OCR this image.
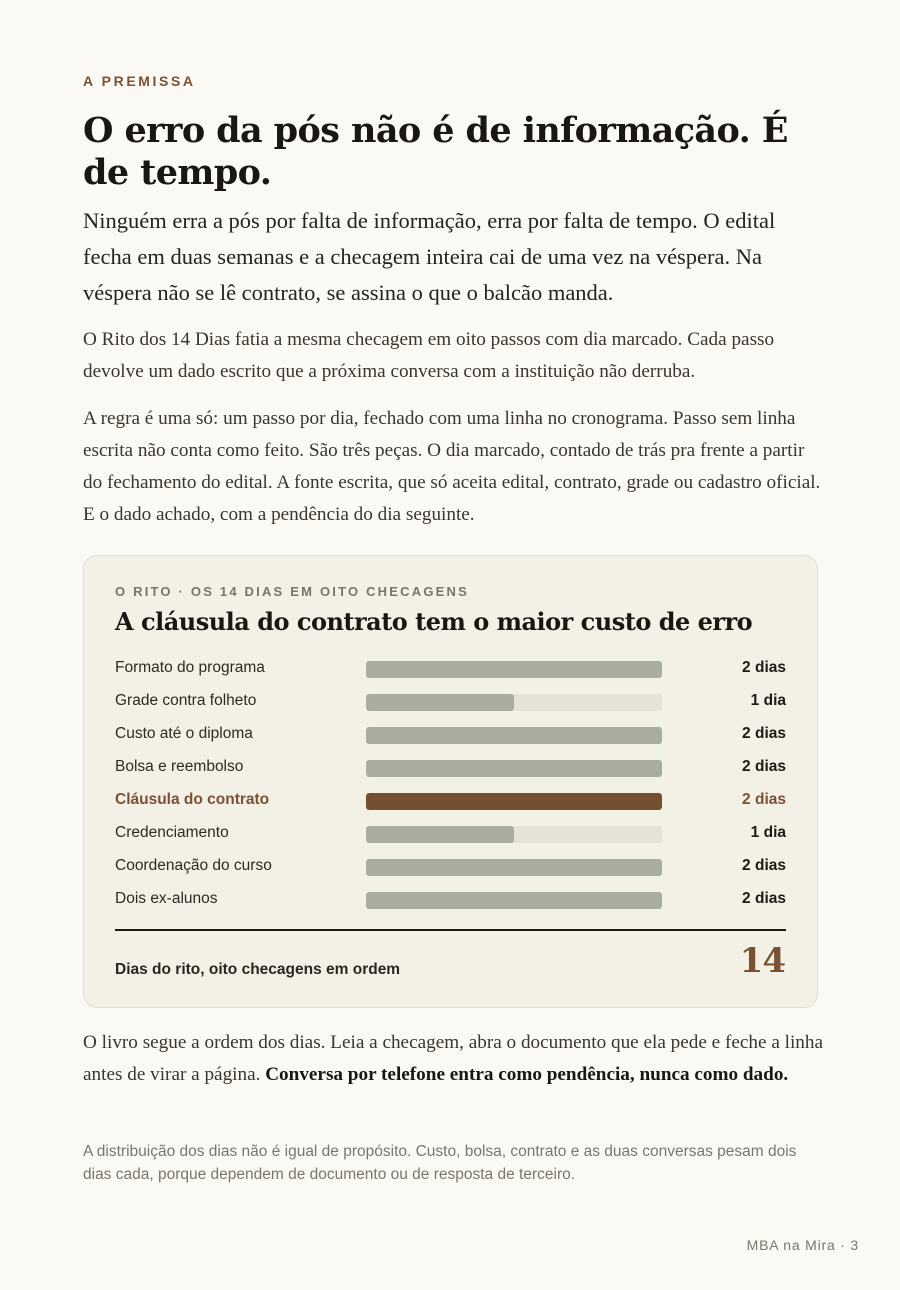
A PREMISSA
O erro da pós não é de informação. É de tempo.

Ninguém erra a pós por falta de informação, erra por falta de tempo. O edital fecha em duas semanas e a checagem inteira cai de uma vez na véspera. Na véspera não se lê contrato, se assina o que o balcão manda.

O Rito dos 14 Dias fatia a mesma checagem em oito passos com dia marcado. Cada passo devolve um dado escrito que a próxima conversa com a instituição não derruba.

A regra é uma só: um passo por dia, fechado com uma linha no cronograma. Passo sem linha escrita não conta como feito. São três peças. O dia marcado, contado de trás pra frente a partir do fechamento do edital. A fonte escrita, que só aceita edital, contrato, grade ou cadastro oficial. E o dado achado, com a pendência do dia seguinte.

O RITO · OS 14 DIAS EM OITO CHECAGENS
A cláusula do contrato tem o maior custo de erro
Formato do programa	2 dias
Grade contra folheto	1 dia
Custo até o diploma	2 dias
Bolsa e reembolso	2 dias
Cláusula do contrato	2 dias
Credenciamento	1 dia
Coordenação do curso	2 dias
Dois ex-alunos	2 dias
Dias do rito, oito checagens em ordem	14

O livro segue a ordem dos dias. Leia a checagem, abra o documento que ela pede e feche a linha antes de virar a página. Conversa por telefone entra como pendência, nunca como dado.

A distribuição dos dias não é igual de propósito. Custo, bolsa, contrato e as duas conversas pesam dois dias cada, porque dependem de documento ou de resposta de terceiro.

MBA na Mira · 3
